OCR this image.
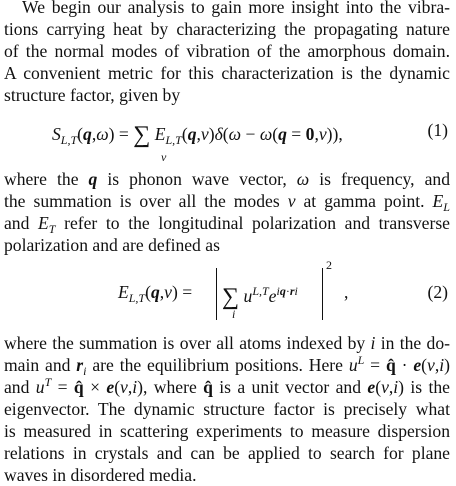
We begin our analysis to gain more insight into the vibra-
tions carrying heat by characterizing the propagating nature
of the normal modes of vibration of the amorphous domain.
A convenient metric for this characterization is the dynamic
structure factor, given by
$S_{L,T}(q,\omega)$ = ∑ $E_{L,T}(q,\nu)\delta(\omega - \omega(q = 0,\nu))$,
ν
(1)
where the q is phonon wave vector, ω is frequency, and
the summation is over all the modes ν at gamma point. $E_L$
and $E_T$ refer to the longitudinal polarization and transverse
polarization and are defined as
$E_{L,T}(q,\nu)$ =	∑ $u^{L,T}e^{iq\cdot ri}$
i
2
,	(2)
where the summation is over all atoms indexed by i in the do-
main and $r_i$ are the equilibrium positions. Here $u^L$ = q̂ · e(ν,i)
and $u^T$ = q̂ × e(ν,i), where q̂ is a unit vector and e(ν,i) is the
eigenvector. The dynamic structure factor is precisely what
is measured in scattering experiments to measure dispersion
relations in crystals and can be applied to search for plane
waves in disordered media.
